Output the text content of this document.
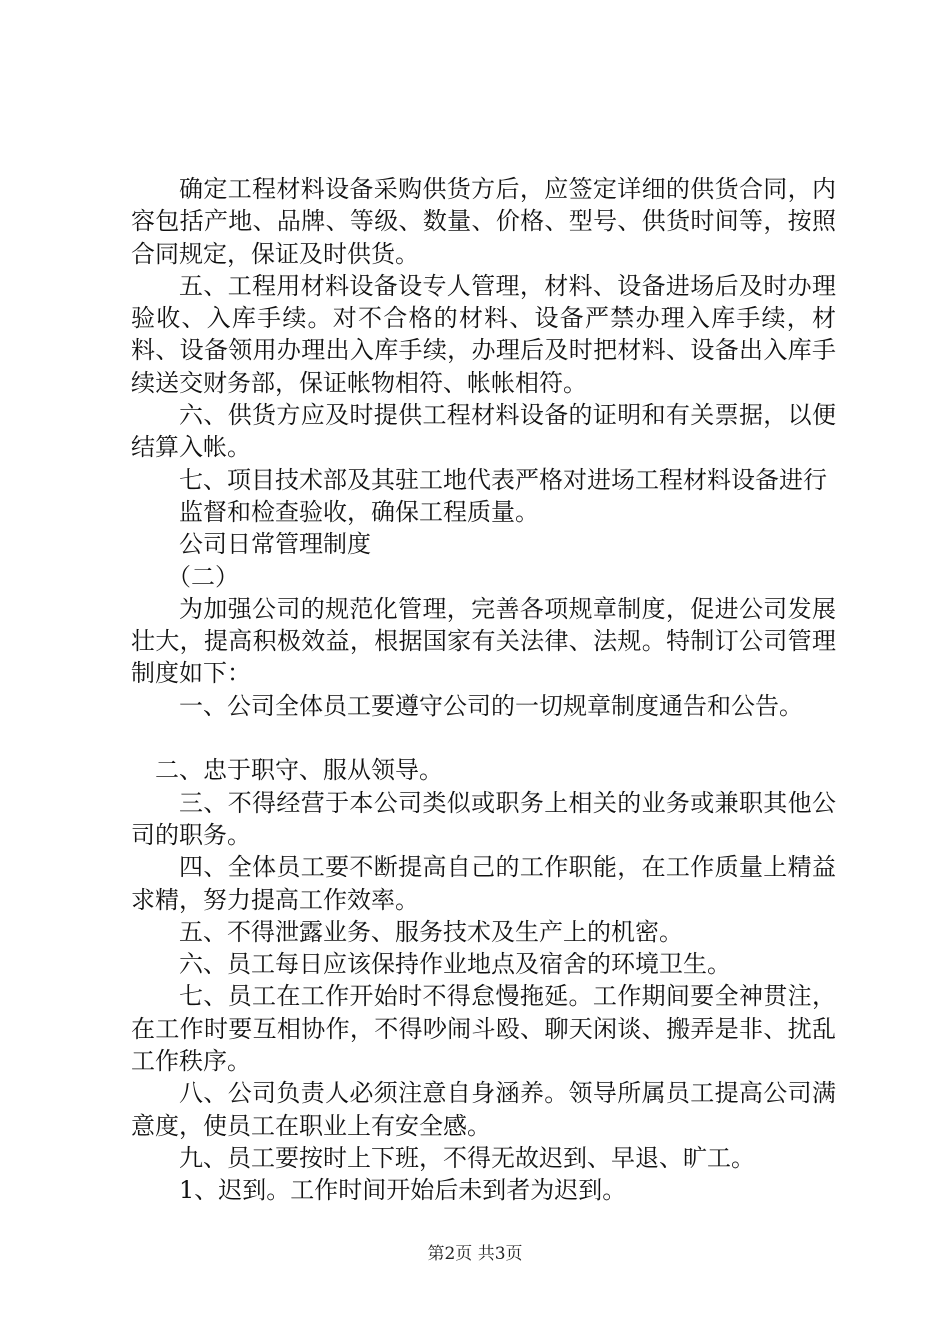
确定工程材料设备采购供货方后，应签定详细的供货合同，内容包括产地、品牌、等级、数量、价格、型号、供货时间等，按照合同规定，保证及时供货。

五、工程用材料设备设专人管理，材料、设备进场后及时办理验收、入库手续。对不合格的材料、设备严禁办理入库手续，材料、设备领用办理出入库手续，办理后及时把材料、设备出入库手续送交财务部，保证帐物相符、帐帐相符。

六、供货方应及时提供工程材料设备的证明和有关票据，以便结算入帐。

七、项目技术部及其驻工地代表严格对进场工程材料设备进行

监督和检查验收，确保工程质量。

公司日常管理制度

（二）

为加强公司的规范化管理，完善各项规章制度，促进公司发展壮大，提高积极效益，根据国家有关法律、法规。特制订公司管理制度如下：

一、公司全体员工要遵守公司的一切规章制度通告和公告。

二、忠于职守、服从领导。

三、不得经营于本公司类似或职务上相关的业务或兼职其他公司的职务。

四、全体员工要不断提高自己的工作职能，在工作质量上精益求精，努力提高工作效率。

五、不得泄露业务、服务技术及生产上的机密。

六、员工每日应该保持作业地点及宿舍的环境卫生。

七、员工在工作开始时不得怠慢拖延。工作期间要全神贯注，在工作时要互相协作，不得吵闹斗殴、聊天闲谈、搬弄是非、扰乱工作秩序。

八、公司负责人必须注意自身涵养。领导所属员工提高公司满意度，使员工在职业上有安全感。

九、员工要按时上下班，不得无故迟到、早退、旷工。

1、迟到。工作时间开始后未到者为迟到。

第2页 共3页
